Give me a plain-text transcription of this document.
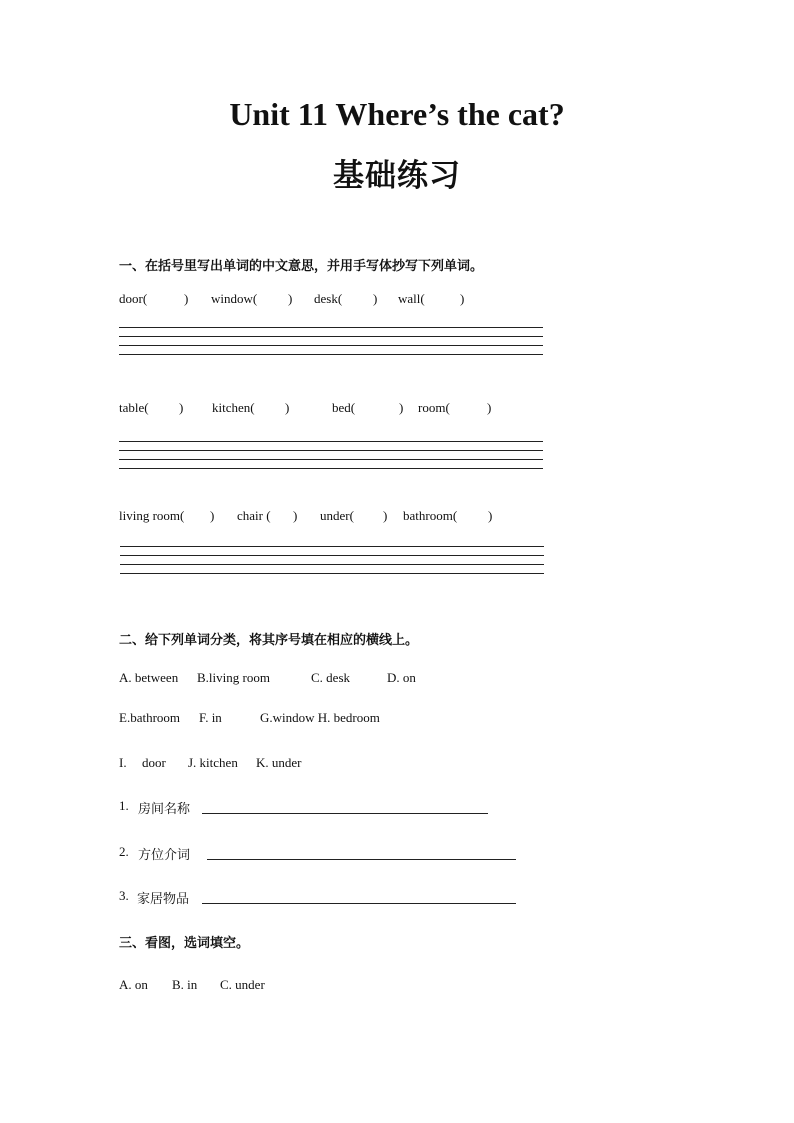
Unit 11 Where’s the cat?
基础练习
一、在括号里写出单词的中文意思，并用手写体抄写下列单词。
door(	) window( ) desk( ) wall(	)
table( ) kitchen( )	bed(	) room(	)
living room( ) chair ( ) under( ) bathroom( )
二、给下列单词分类，将其序号填在相应的横线上。
A. between B.living room	C. desk	D. on
E.bathroom F. in	G.window H. bedroom
I. door J. kitchen K. under
1. 房间名称
2. 方位介词
3. 家居物品
三、看图，选词填空。
A. on B. in C. under
